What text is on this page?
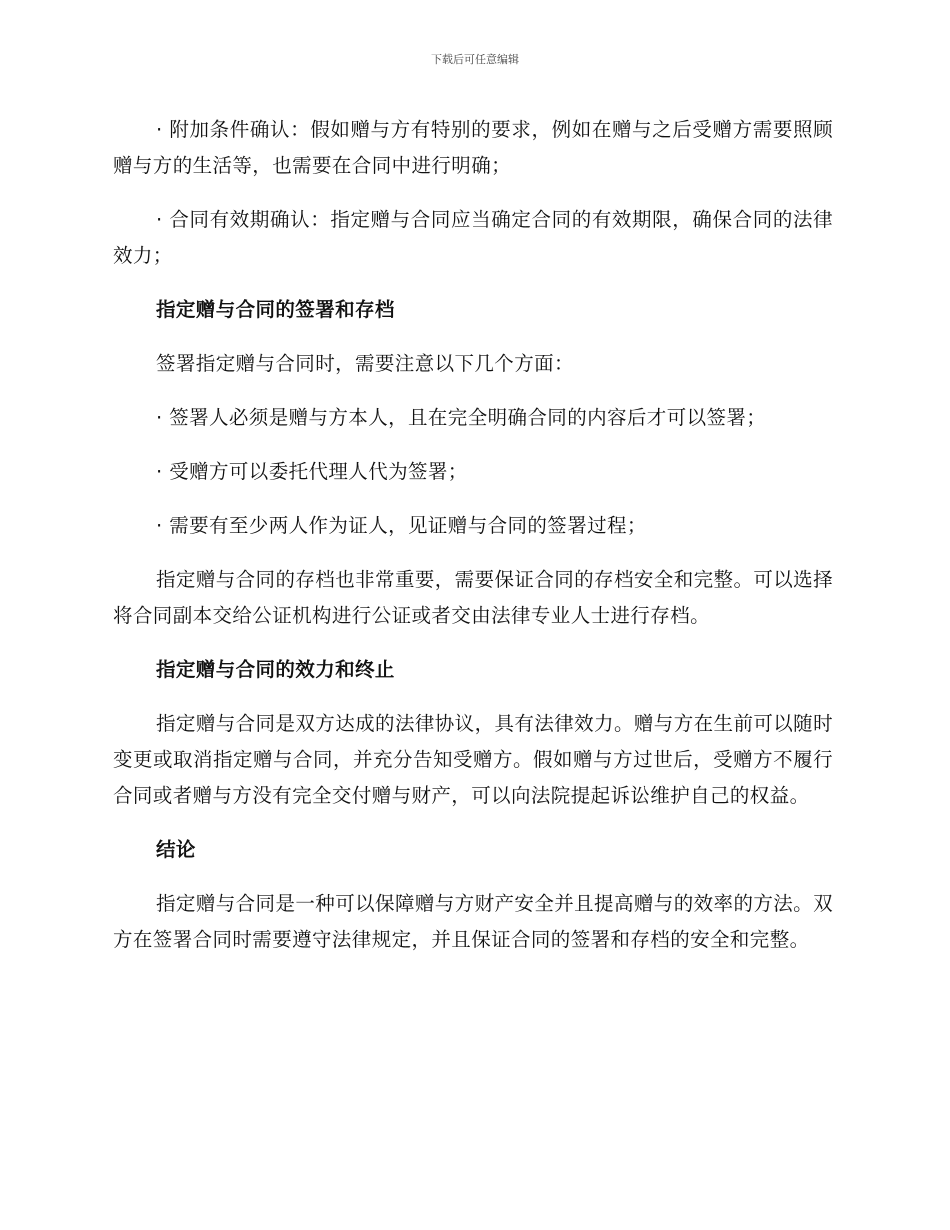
下载后可任意编辑

· 附加条件确认：假如赠与方有特别的要求，例如在赠与之后受赠方需要照顾赠与方的生活等，也需要在合同中进行明确；

· 合同有效期确认：指定赠与合同应当确定合同的有效期限，确保合同的法律效力；

指定赠与合同的签署和存档

签署指定赠与合同时，需要注意以下几个方面：

· 签署人必须是赠与方本人，且在完全明确合同的内容后才可以签署；

· 受赠方可以委托代理人代为签署；

· 需要有至少两人作为证人，见证赠与合同的签署过程；

指定赠与合同的存档也非常重要，需要保证合同的存档安全和完整。可以选择将合同副本交给公证机构进行公证或者交由法律专业人士进行存档。

指定赠与合同的效力和终止

指定赠与合同是双方达成的法律协议，具有法律效力。赠与方在生前可以随时变更或取消指定赠与合同，并充分告知受赠方。假如赠与方过世后，受赠方不履行合同或者赠与方没有完全交付赠与财产，可以向法院提起诉讼维护自己的权益。

结论

指定赠与合同是一种可以保障赠与方财产安全并且提高赠与的效率的方法。双方在签署合同时需要遵守法律规定，并且保证合同的签署和存档的安全和完整。
